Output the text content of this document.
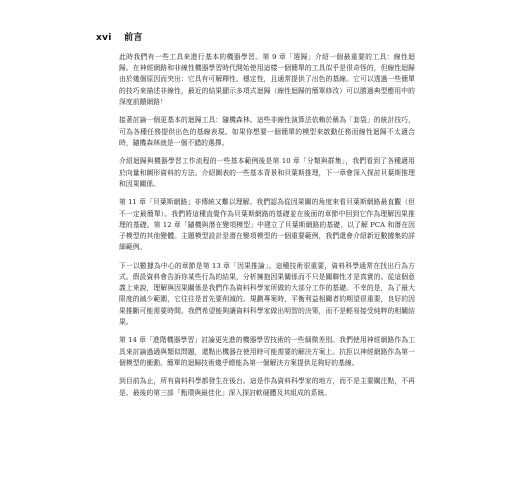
xvi 前言

此時我們有一些工具來進行基本的機器學習。第 9 章「選歸」介紹一個最重要的工具：線性迴歸。在神經網路和非線性機器學習時代開始使用這樣一個簡單的工具似乎是很奇怪的，但線性迴歸由於幾個原因而突出：它具有可解釋性、穩定性，且通常提供了出色的基線。它可以透過一些簡單的技巧來描述非線性，最近的結果顯示多項式迴歸（線性迴歸的簡單修改）可以勝過典型應用中的深度前饋網路！

接著討論一個更基本的迴歸工具：隨機森林。這些非線性演算法依賴於稱為「套袋」的統計技巧，可為各種任務提供出色的基線表現。如果你想要一個簡單的模型來啟動任務而線性迴歸不太適合時，隨機森林就是一個不錯的選擇。

介紹迴歸與機器學習工作流程的一些基本範例後是第 10 章「分類與群集」，我們看到了各種適用於向量和圖形資料的方法。介紹圖表的一些基本背景和貝葉斯推理，下一章會深入探討貝葉斯推理和因果關係。

第 11 章「貝葉斯網路」非傳統又難以理解。我們認為從因果關的角度來看貝葉斯網路最直觀（但不一定最簡單）。我們將這種直覺作為貝葉斯網路的基礎並在後面的章節中回到它作為理解因果推理的基礎。第 12 章「隨機與潛在變項模型」中建立了貝葉斯網路的基礎，以了解 PCA 和潛在因子模型的其他變體。主題模型設計是潛在變項模型的一個重要範例，我們還會介紹新近數據集的詳細範例。

下一以數據為中心的章節是第 13 章「因果推論」。這種技術很重要，資料科學通常在找出行為方式。假設資料會告訴你某些行為的結果，分析擁抱因果關係而不只是關聯性才是真實的。從這個意義上來說，理解與因果關係是我們作為資料科學家所做的大部分工作的基礎。不幸的是，為了最大限度的減少範圍，它往往是首先要削減的。規劃專案時，平衡利益相關者的期望很重要，良好的因果推斷可能需要時間。我們希望能夠讓資料科學家做出明智的決策，而不是輕易接受純粹的相關結果。

第 14 章「進階機器學習」討論更先進的機器學習技術的一些細微差別。我們使用神經網路作為工具來討論過適與類似問題，還點出機器在使用時可能需要的解決方案上。抗拒以神經網路作為第一個模型的衝動。簡單的迴歸技術幾乎總能為第一個解決方案提供足夠好的基線。

到目前為止，所有資料科學都發生在後台。這是作為資料科學家的地方，而不是主要關注點，不再是。最後的第三部「甄環與最佳化」深入探討軟硬體及其組成的系統。
